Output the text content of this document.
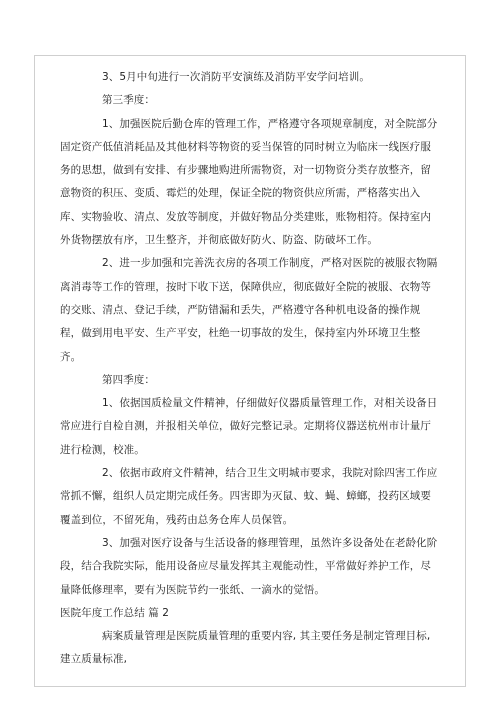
3、5月中旬进行一次消防平安演练及消防平安学问培训。

第三季度：

1、加强医院后勤仓库的管理工作，严格遵守各项规章制度，对全院部分固定资产低值消耗品及其他材料等物资的妥当保管的同时树立为临床一线医疗服务的思想，做到有安排、有步骤地购进所需物资，对一切物资分类存放整齐，留意物资的积压、变质、霉烂的处理，保证全院的物资供应所需，严格落实出入库、实物验收、清点、发放等制度，并做好物品分类建账，账物相符。保持室内外货物摆放有序，卫生整齐，并彻底做好防火、防盗、防破坏工作。

2、进一步加强和完善洗衣房的各项工作制度，严格对医院的被服衣物隔离消毒等工作的管理，按时下收下送，保障供应，彻底做好全院的被服、衣物等的交账、清点、登记手续，严防错漏和丢失，严格遵守各种机电设备的操作规程，做到用电平安、生产平安，杜绝一切事故的发生，保持室内外环境卫生整齐。

第四季度：

1、依据国质检量文件精神，仔细做好仪器质量管理工作，对相关设备日常应进行自检自测，并报相关单位，做好完整记录。定期将仪器送杭州市计量厅进行检测，校准。

2、依据市政府文件精神，结合卫生文明城市要求，我院对除四害工作应常抓不懈，组织人员定期完成任务。四害即为灭鼠、蚊、蝇、蟑螂，投药区域要覆盖到位，不留死角，残药由总务仓库人员保管。

3、加强对医疗设备与生活设备的修理管理，虽然许多设备处在老龄化阶段，结合我院实际，能用设备应尽量发挥其主观能动性，平常做好养护工作，尽量降低修理率，要有为医院节约一张纸、一滴水的觉悟。

医院年度工作总结 篇 2

病案质量管理是医院质量管理的重要内容, 其主要任务是制定管理目标, 建立质量标准,
